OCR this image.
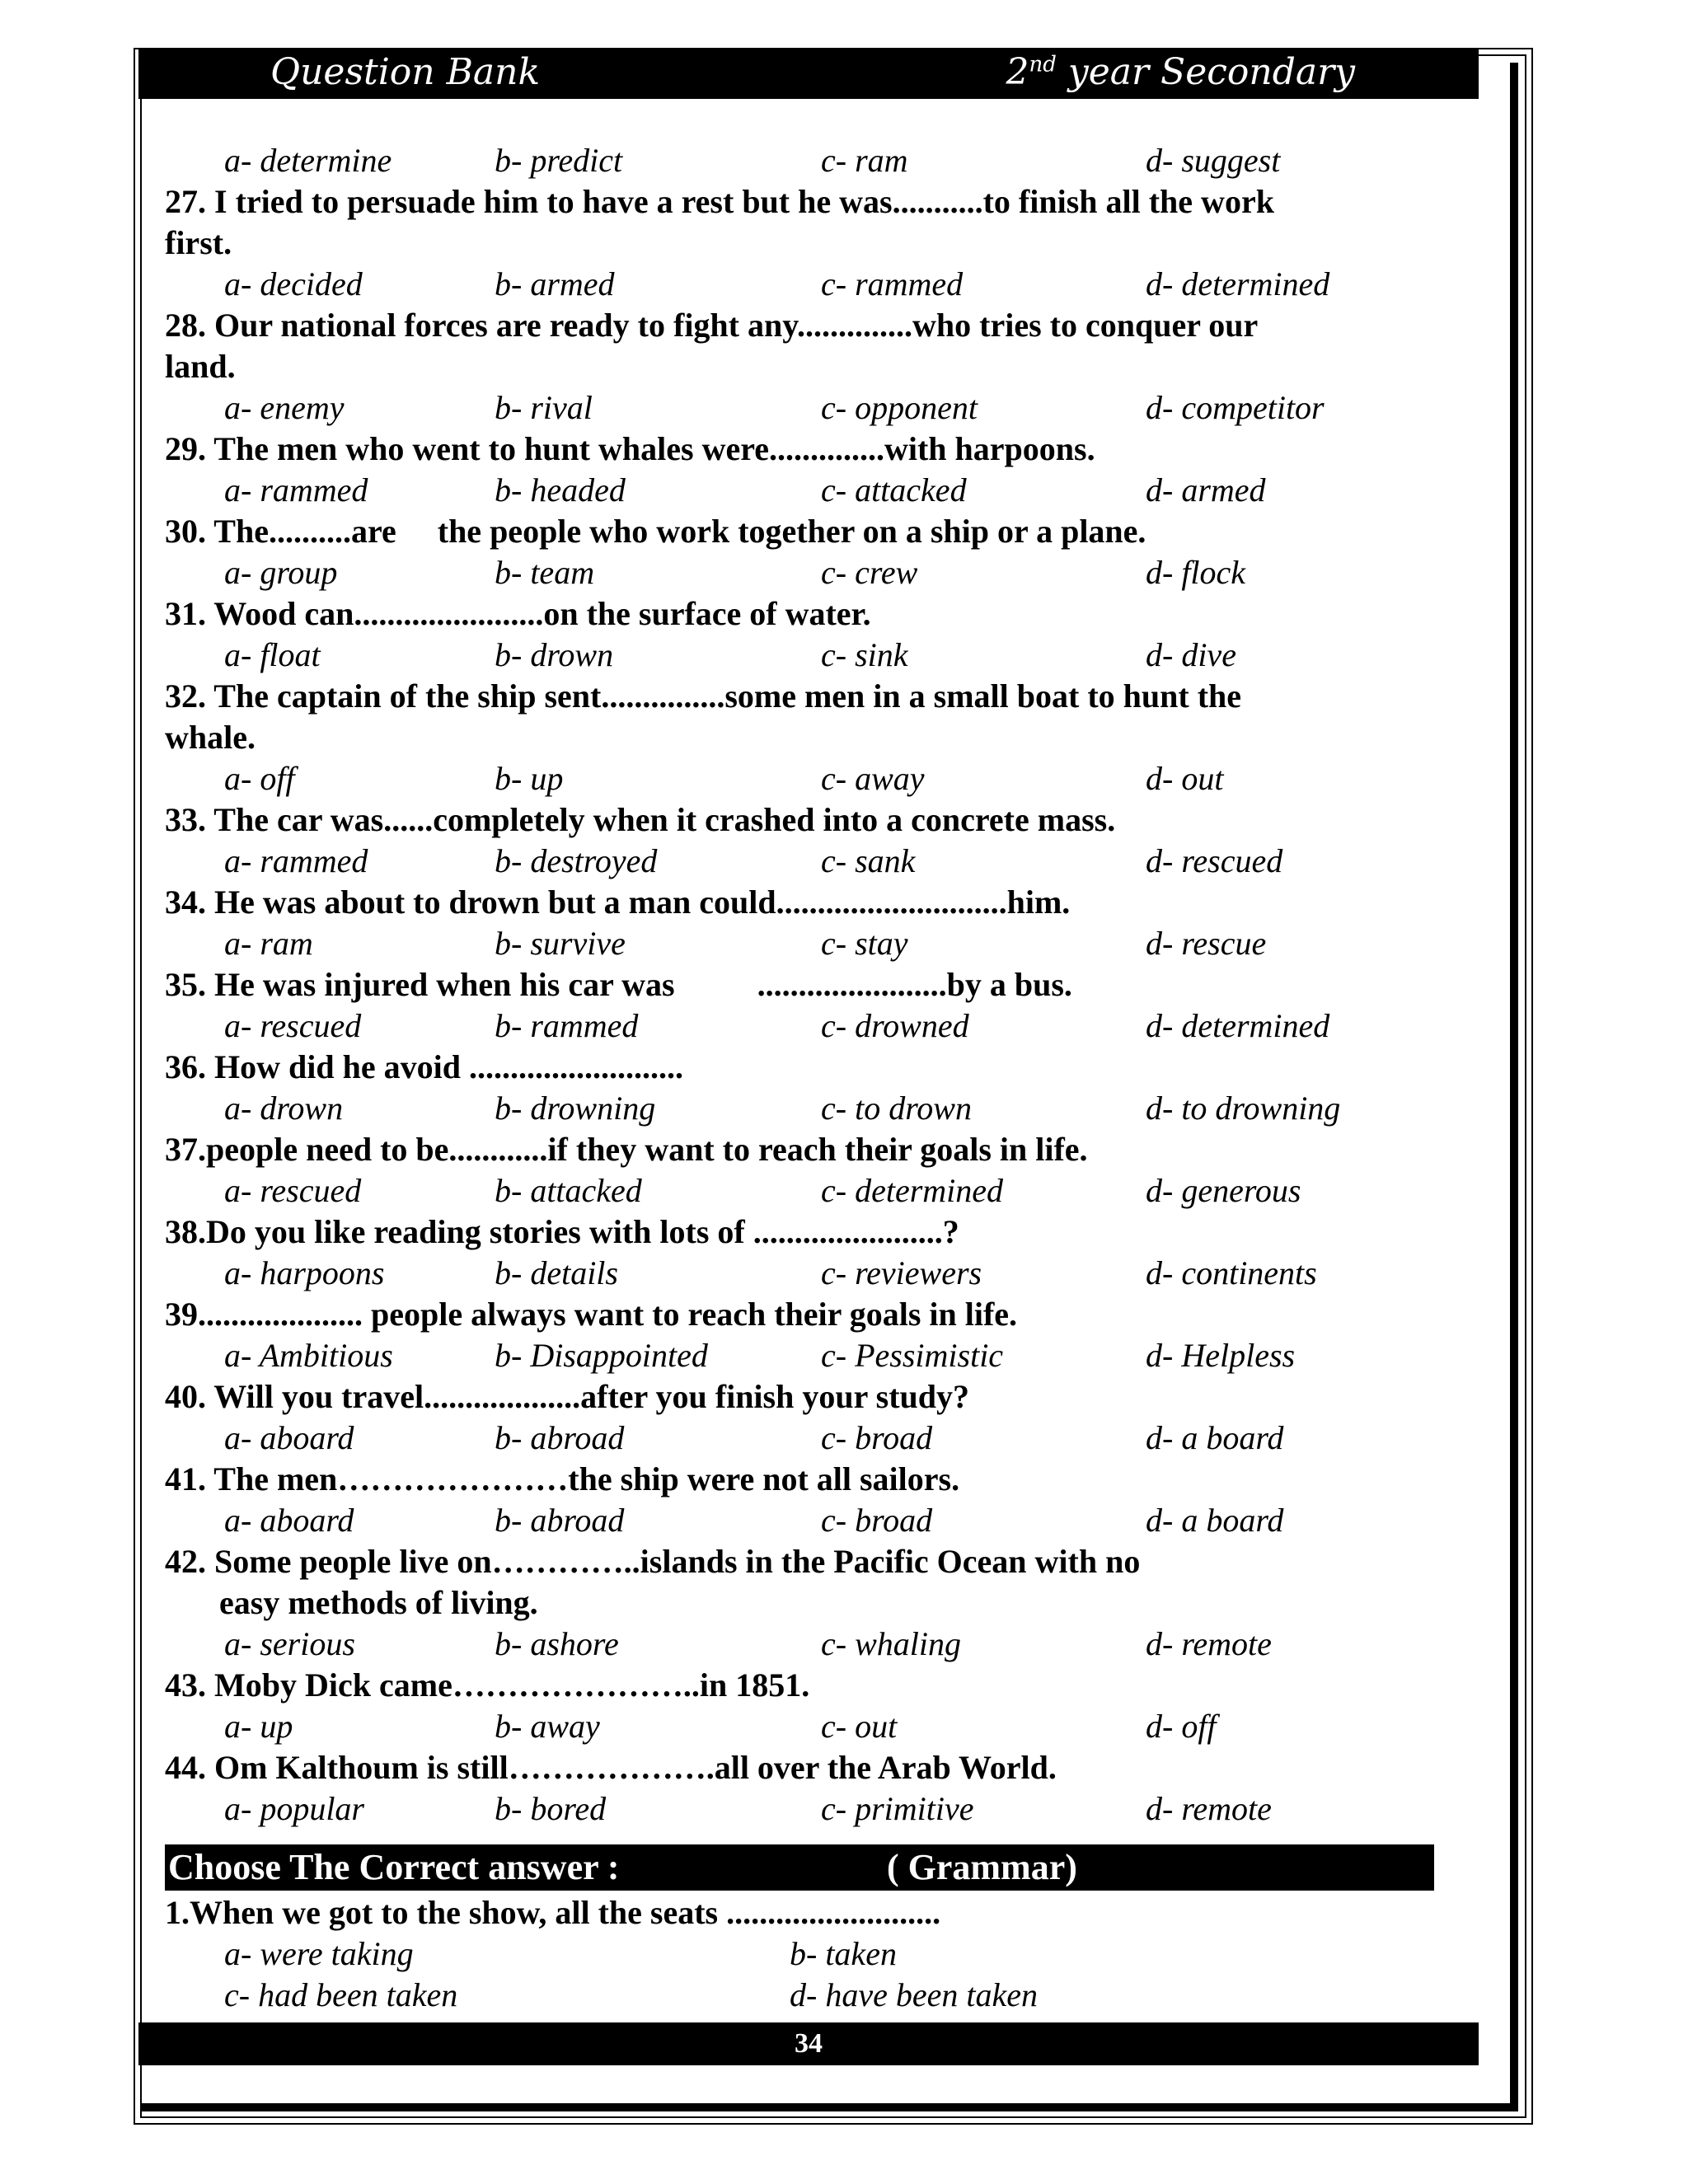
Question Bank	2nd year Secondary
a- determine	b- predict	c- ram	d- suggest

27. I tried to persuade him to have a rest but he was...........to finish all the work
first.

a- decided	b- armed	c- rammed	d- determined

28. Our national forces are ready to fight any..............who tries to conquer our
land.

a- enemy	b- rival	c- opponent	d- competitor

29. The men who went to hunt whales were..............with harpoons.

a- rammed	b- headed	c- attacked	d- armed

30. The..........are     the people who work together on a ship or a plane.

a- group	b- team	c- crew	d- flock

31. Wood can.......................on the surface of water.

a- float	b- drown	c- sink	d- dive

32. The captain of the ship sent...............some men in a small boat to hunt the
whale.

a- off	b- up	c- away	d- out

33. The car was......completely when it crashed into a concrete mass.

a- rammed	b- destroyed	c- sank	d- rescued

34. He was about to drown but a man could............................him.

a- ram	b- survive	c- stay	d- rescue

35. He was injured when his car was          .......................by a bus.

a- rescued	b- rammed	c- drowned	d- determined

36. How did he avoid ..........................

a- drown	b- drowning	c- to drown	d- to drowning

37.people need to be............if they want to reach their goals in life.

a- rescued	b- attacked	c- determined	d- generous

38.Do you like reading stories with lots of .......................?

a- harpoons	b- details	c- reviewers	d- continents

39.................... people always want to reach their goals in life.

a- Ambitious	b- Disappointed	c- Pessimistic	d- Helpless

40. Will you travel...................after you finish your study?

a- aboard	b- abroad	c- broad	d- a board

41. The men…………………the ship were not all sailors.

a- aboard	b- abroad	c- broad	d- a board

42. Some people live on…………..islands in the Pacific Ocean with no

easy methods of living.

a- serious	b- ashore	c- whaling	d- remote

43. Moby Dick came…………………..in 1851.

a- up	b- away	c- out	d- off

44. Om Kalthoum is still……………….all over the Arab World.

a- popular	b- bored	c- primitive	d- remote
Choose The Correct answer :	( Grammar)

1.When we got to the show, all the seats ..........................

a- were taking	b- taken
c- had been taken	d- have been taken
34
